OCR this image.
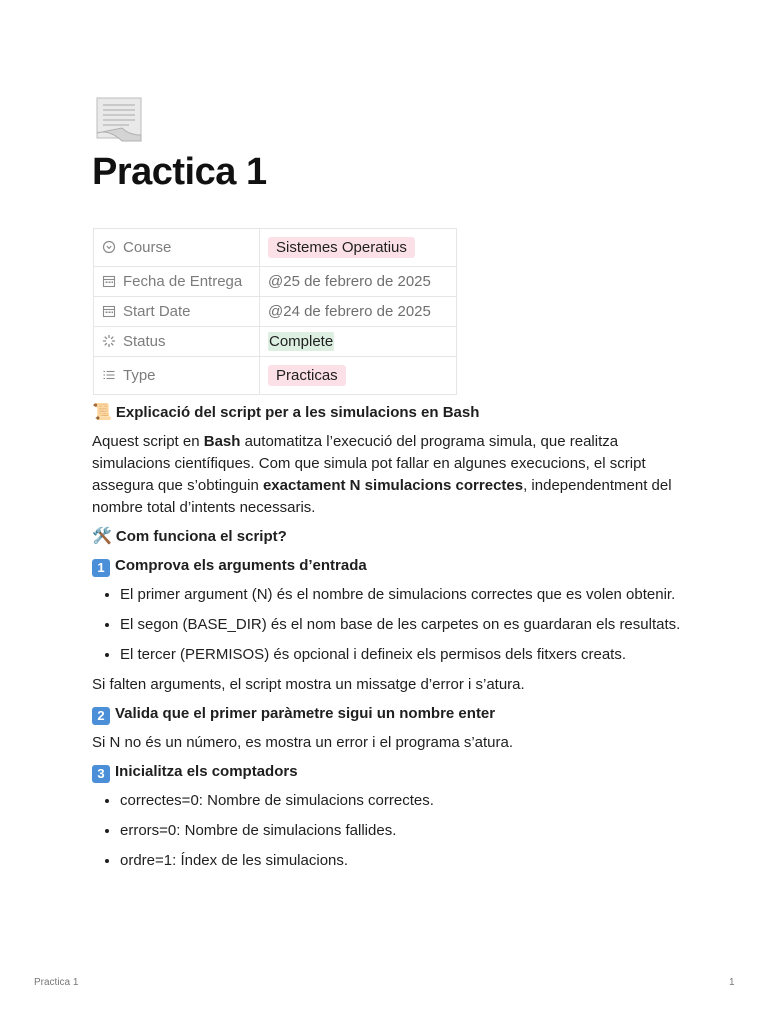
Practica 1
Course	Sistemes Operatius
Fecha de Entrega	@25 de febrero de 2025
Start Date	@24 de febrero de 2025
Status	Complete
Type	Practicas
📜 Explicació del script per a les simulacions en Bash

Aquest script en Bash automatitza l’execució del programa simula, que realitza simulacions científiques. Com que simula pot fallar en algunes execucions, el script assegura que s’obtinguin exactament N simulacions correctes, independentment del nombre total d’intents necessaris.

🛠️ Com funciona el script?
1 Comprova els arguments d’entrada
• El primer argument (N) és el nombre de simulacions correctes que es volen obtenir.
• El segon (BASE_DIR) és el nom base de les carpetes on es guardaran els resultats.
• El tercer (PERMISOS) és opcional i defineix els permisos dels fitxers creats.

Si falten arguments, el script mostra un missatge d’error i s’atura.

2 Valida que el primer paràmetre sigui un nombre enter

Si N no és un número, es mostra un error i el programa s’atura.

3 Inicialitza els comptadors
• correctes=0: Nombre de simulacions correctes.
• errors=0: Nombre de simulacions fallides.
• ordre=1: Índex de les simulacions.
Practica 1	1
